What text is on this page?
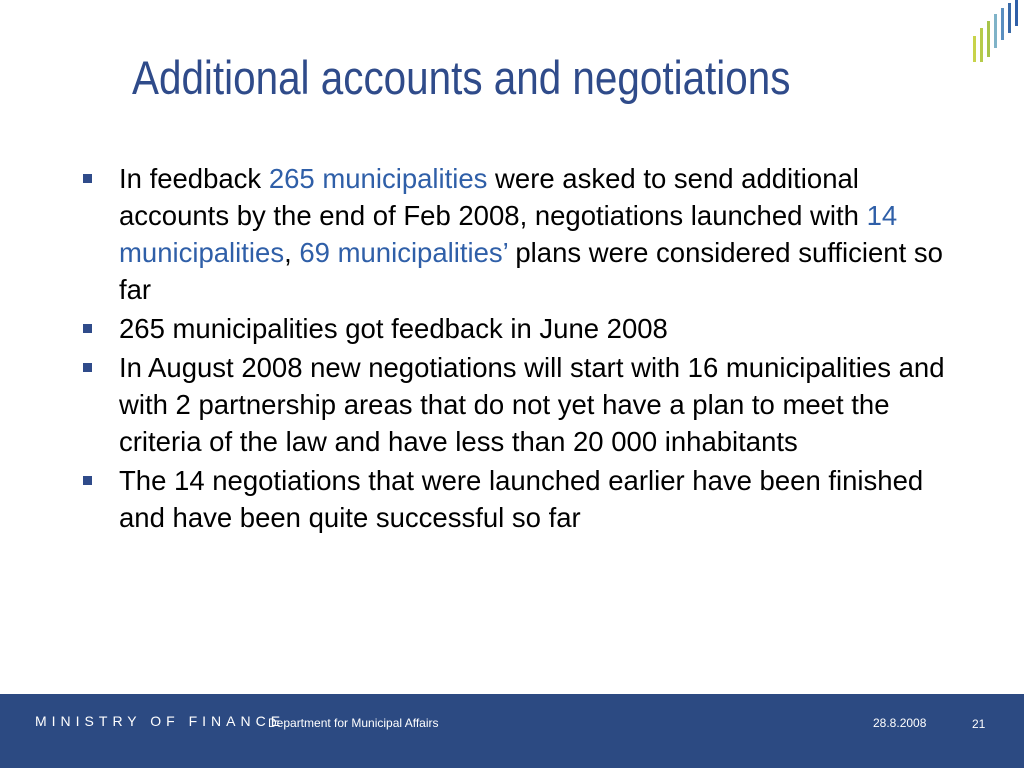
Additional accounts and negotiations
In feedback 265 municipalities were asked to send additional accounts by the end of Feb 2008, negotiations launched with 14 municipalities, 69 municipalities’ plans were considered sufficient so far
265 municipalities got feedback in June 2008
In August 2008 new negotiations will start with 16 municipalities and with 2 partnership areas that do not yet have a plan to meet the criteria of the law and have less than 20 000 inhabitants
The 14 negotiations that were launched earlier have been finished and have been quite successful so far
MINISTRY OF FINANCE
Department for Municipal Affairs	28.8.2008	21
